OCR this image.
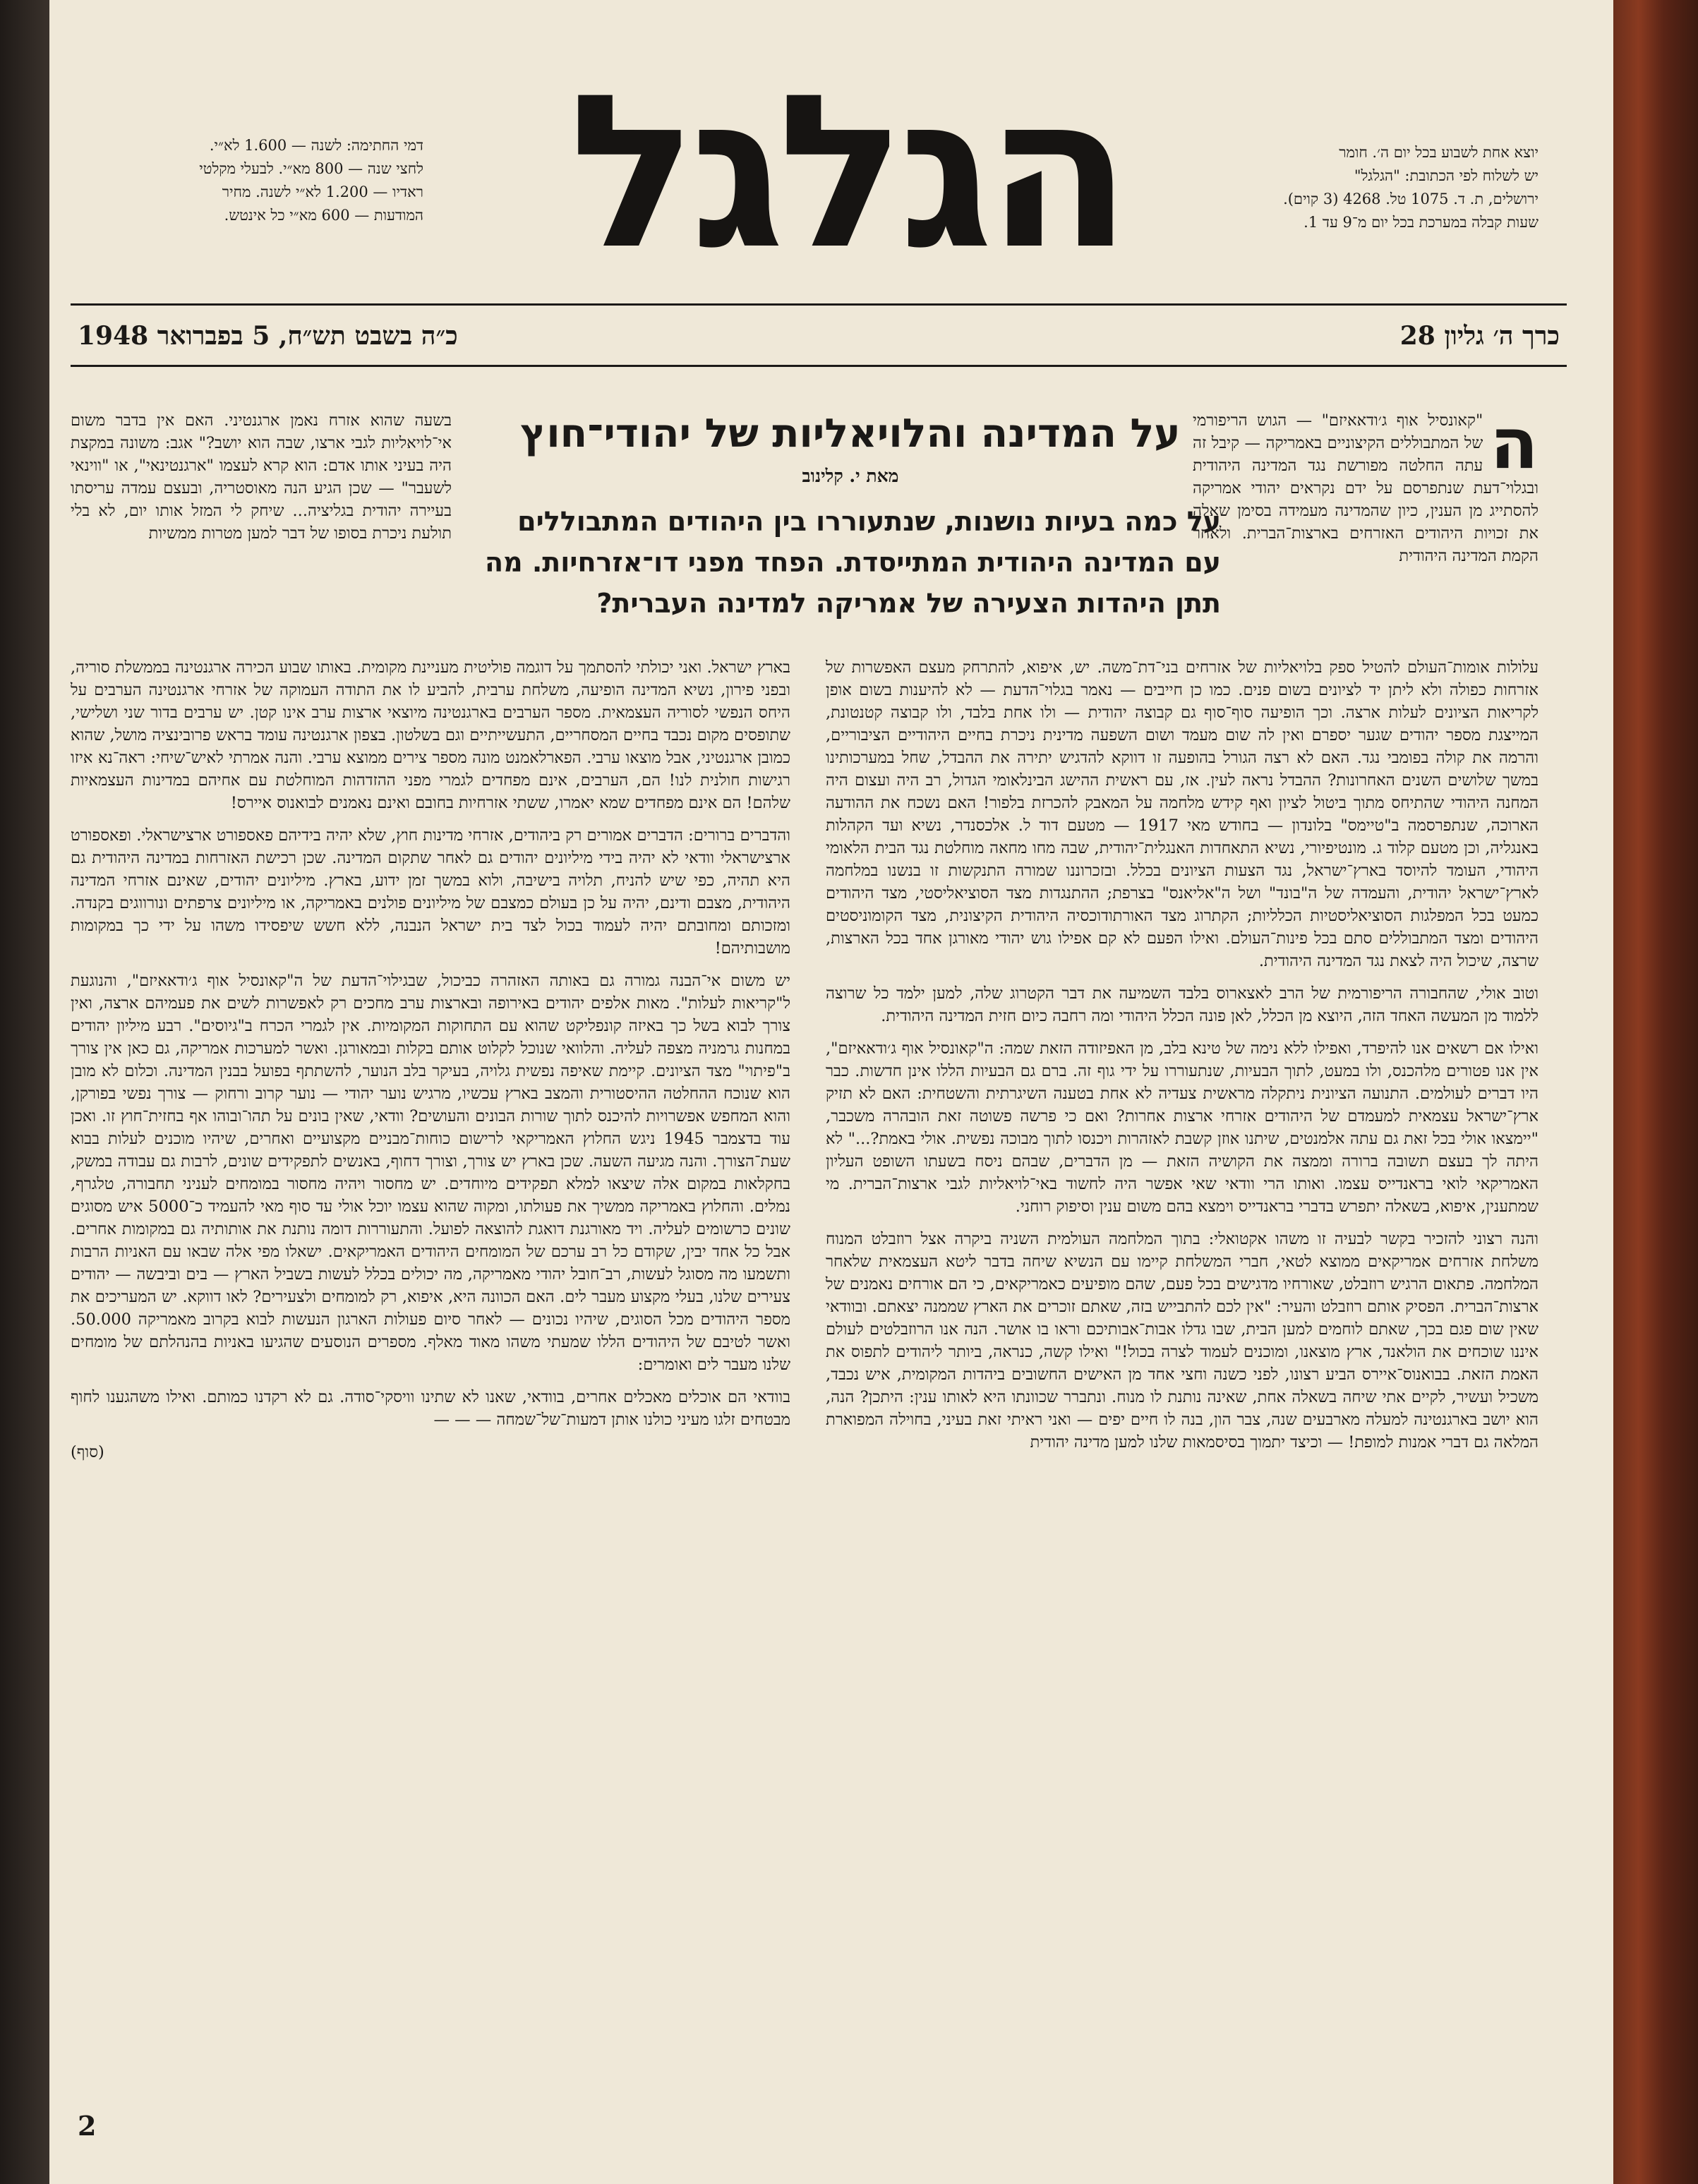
יוצא אחת לשבוע בכל יום ה׳. חומר
יש לשלוח לפי הכתובת: "הגלגל"
ירושלים, ת. ד. 1075 טל. 4268 (3 קוים).
שעות קבלה במערכת בכל יום מ־9 עד 1.
הגלגל
דמי החתימה: לשנה — 1.600 לא״י.
לחצי שנה — 800 מא״י. לבעלי מקלטי
ראדיו — 1.200 לא״י לשנה. מחיר
המודעות — 600 מא״י כל אינטש.
כרך ה׳ גליון 28
כ״ה בשבט תש״ח, 5 בפברואר 1948

ה
"קאונסיל אוף ג׳ודאאיזם" — הגוש הריפורמי של המתבוללים הקיצוניים באמריקה — קיבל זה עתה החלטה מפורשת נגד המדינה היהודית ובגלוי־דעת שנתפרסם על ידם נקראים יהודי אמריקה להסתייג מן הענין, כיון שהמדינה מעמידה בסימן שאלה את זכויות היהודים האזרחים בארצות־הברית. ולאחר הקמת המדינה היהודית

על המדינה והלויאליות של יהודי־חוץ
מאת י. קלינוב
על כמה בעיות נושנות, שנתעוררו בין היהודים המתבוללים עם המדינה היהודית המתייסדת. הפחד מפני דו־אזרחיות. מה תתן היהדות הצעירה של אמריקה למדינה העברית?

בשעה שהוא אזרח נאמן ארגנטיני. האם אין בדבר משום אי־לויאליות לגבי ארצו, שבה הוא יושב?" אגב: משונה במקצת היה בעיני אותו אדם: הוא קרא לעצמו "ארגנטינאי", או "ווינאי לשעבר" — שכן הגיע הנה מאוסטריה, ובעצם עמדה עריסתו בעיירה יהודית בגליציה... שיחק לי המזל אותו יום, לא בלי תולעת ניכרת בסופו של דבר למען מטרות ממשיות

עלולות אומות־העולם להטיל ספק בלויאליות של אזרחים בני־דת־משה. יש, איפוא, להתרחק מעצם האפשרות של אזרחות כפולה ולא ליתן יד לציונים בשום פנים. כמו כן חייבים — נאמר בגלוי־הדעת — לא להיענות בשום אופן לקריאות הציונים לעלות ארצה. וכך הופיעה סוף־סוף גם קבוצה יהודית — ולו אחת בלבד, ולו קבוצה קטנטונת, המייצגת מספר יהודים שגער יספרם ואין לה שום מעמד ושום השפעה מדינית ניכרת בחיים היהודיים הציבוריים, והרמה את קולה בפומבי נגד. האם לא רצה הגורל בהופעה זו דווקא להדגיש יתירה את ההבדל, שחל במערכותינו במשך שלושים השנים האחרונות? ההבדל נראה לעין. אז, עם ראשית ההישג הבינלאומי הגדול, רב היה ועצום היה המחנה היהודי שהתיחס מתוך ביטול לציון ואף קידש מלחמה על המאבק להכרזת בלפור! האם נשכח את ההודעה הארוכה, שנתפרסמה ב"טיימס" בלונדון — בחודש מאי 1917 — מטעם דוד ל. אלכסנדר, נשיא ועד הקהלות באנגליה, וכן מטעם קלוד ג. מונטיפיורי, נשיא התאחדות האנגלית־יהודית, שבה מחו מחאה מוחלטת נגד הבית הלאומי היהודי, העומד להיוסד בארץ־ישראל, נגד הצעות הציונים בכלל. ובזכרוננו שמורה התנקשות זו בנשנו במלחמה לארץ־ישראל יהודית, והעמדה של ה"בונד" ושל ה"אליאנס" בצרפת; ההתנגדות מצד הסוציאליסטי, מצד היהודים כמעט בכל המפלגות הסוציאליסטיות הכלליות; הקתרוג מצד האורתודוכסיה היהודית הקיצונית, מצד הקומוניסטים היהודים ומצד המתבוללים סתם בכל פינות־העולם. ואילו הפעם לא קם אפילו גוש יהודי מאורגן אחד בכל הארצות, שרצה, שיכול היה לצאת נגד המדינה היהודית.

וטוב אולי, שהחבורה הריפורמית של הרב לאצארוס בלבד השמיעה את דבר הקטרוג שלה, למען ילמד כל שרוצה ללמוד מן המעשה האחד הזה, היוצא מן הכלל, לאן פונה הכלל היהודי ומה רחבה כיום חזית המדינה היהודית.

ואילו אם רשאים אנו להיפרד, ואפילו ללא נימה של טינא בלב, מן האפיזודה הזאת שמה: ה"קאונסיל אוף ג׳ודאאיזם", אין אנו פטורים מלהכנס, ולו במעט, לתוך הבעיות, שנתעוררו על ידי גוף זה. ברם גם הבעיות הללו אינן חדשות. כבר היו דברים לעולמים. התנועה הציונית ניתקלה מראשית צעדיה לא אחת בטענה השיגרתית והשטחית: האם לא תזיק ארץ־ישראל עצמאית למעמדם של היהודים אזרחי ארצות אחרות? ואם כי פרשה פשוטה זאת הובהרה משכבר, "יימצאו אולי בכל זאת גם עתה אלמנטים, שיתנו אוזן קשבת לאזהרות ויכנסו לתוך מבוכה נפשית. אולי באמת?..." לא היתה לך בעצם תשובה ברורה וממצה את הקושיה הזאת — מן הדברים, שבהם ניסח בשעתו השופט העליון האמריקאי לואי בראנדייס עצמו. ואותו הרי וודאי שאי אפשר היה לחשוד באי־לויאליות לגבי ארצות־הברית. מי שמתענין, איפוא, בשאלה יתפרש בדברי בראנדייס וימצא בהם משום ענין וסיפוק רוחני.

והנה רצוני להזכיר בקשר לבעיה זו משהו אקטואלי: בתוך המלחמה העולמית השניה ביקרה אצל רוזבלט המנוח משלחת אזרחים אמריקאים ממוצא לטאי, חברי המשלחת קיימו עם הנשיא שיחה בדבר ליטא העצמאית שלאחר המלחמה. פתאום הרגיש רוזבלט, שאורחיו מדגישים בכל פעם, שהם מופיעים כאמריקאים, כי הם אורחים נאמנים של ארצות־הברית. הפסיק אותם רוזבלט והעיר: "אין לכם להתבייש בזה, שאתם זוכרים את הארץ שממנה יצאתם. ובוודאי שאין שום פגם בכך, שאתם לוחמים למען הבית, שבו גדלו אבות־אבותיכם וראו בו אושר. הנה אנו הרוזבלטים לעולם איננו שוכחים את הולאנד, ארץ מוצאנו, ומוכנים לעמוד לצרה בכול!" ואילו קשה, כנראה, ביותר ליהודים לתפוס את האמת הזאת. בבואנוס־איירס הביע רצונו, לפני כשנה וחצי אחד מן האישים החשובים ביהדות המקומית, איש נכבד, משכיל ועשיר, לקיים אתי שיחה בשאלה אחת, שאינה נותנת לו מנוח. ונתברר שכוונתו היא לאותו ענין: היתכן? הנה, הוא יושב בארגנטינה למעלה מארבעים שנה, צבר הון, בנה לו חיים יפים — ואני ראיתי זאת בעיני, בחוילה המפוארת המלאה גם דברי אמנות למופת! — וכיצד יתמוך בסיסמאות שלנו למען מדינה יהודית

בארץ ישראל. ואני יכולתי להסתמך על דוגמה פוליטית מעניינת מקומית. באותו שבוע הכירה ארגנטינה בממשלת סוריה, ובפני פירון, נשיא המדינה הופיעה, משלחת ערבית, להביע לו את התודה העמוקה של אזרחי ארגנטינה הערבים על היחס הנפשי לסוריה העצמאית. מספר הערבים בארגנטינה מיוצאי ארצות ערב אינו קטן. יש ערבים בדור שני ושלישי, שתופסים מקום נכבד בחיים המסחריים, התעשייתיים וגם בשלטון. בצפון ארגנטינה עומד בראש פרובינציה מושל, שהוא כמובן ארגנטיני, אבל מוצאו ערבי. הפארלאמנט מונה מספר צירים ממוצא ערבי. והנה אמרתי לאיש־שיחי: ראה־נא איזו רגישות חולנית לנו! הם, הערבים, אינם מפחדים לגמרי מפני ההזדהות המוחלטת עם אחיהם במדינות העצמאיות שלהם! הם אינם מפחדים שמא יאמרו, ששתי אזרחיות בחובם ואינם נאמנים לבואנוס איירס!

והדברים ברורים: הדברים אמורים רק ביהודים, אזרחי מדינות חוץ, שלא יהיה בידיהם פאספורט ארצישראלי. ופאספורט ארצישראלי וודאי לא יהיה בידי מיליונים יהודים גם לאחר שתקום המדינה. שכן רכישת האזרחות במדינה היהודית גם היא תהיה, כפי שיש להניח, תלויה בישיבה, ולוא במשך זמן ידוע, בארץ. מיליונים יהודים, שאינם אזרחי המדינה היהודית, מצבם ודינם, יהיה על כן בעולם כמצבם של מיליונים פולנים באמריקה, או מיליונים צרפתים ונורווגים בקנדה. ומזכותם ומחובתם יהיה לעמוד בכול לצד בית ישראל הנבנה, ללא חשש שיפסידו משהו על ידי כך במקומות מושבותיהם!

יש משום אי־הבנה גמורה גם באותה האזהרה כביכול, שבגילוי־הדעת של ה"קאונסיל אוף ג׳ודאאיזם", והנוגעת ל"קריאות לעלות". מאות אלפים יהודים באירופה ובארצות ערב מחכים רק לאפשרות לשים את פעמיהם ארצה, ואין צורך לבוא בשל כך באיזה קונפליקט שהוא עם התחוקות המקומיות. אין לגמרי הכרח ב"גיוסים". רבע מיליון יהודים במחנות גרמניה מצפה לעליה. והלוואי שנוכל לקלוט אותם בקלות ובמאורגן. ואשר למערכות אמריקה, גם כאן אין צורך ב"פיתוי" מצד הציונים. קיימת שאיפה נפשית גלויה, בעיקר בלב הנוער, להשתתף בפועל בבנין המדינה. וכלום לא מובן הוא שנוכח ההחלטה ההיסטורית והמצב בארץ עכשיו, מרגיש נוער יהודי — נוער קרוב ורחוק — צורך נפשי בפורקן, והוא המחפש אפשרויות להיכנס לתוך שורות הבונים והעושים? וודאי, שאין בונים על תהו־ובוהו אף בחזית־חוץ זו. ואכן עוד בדצמבר 1945 ניגש החלוץ האמריקאי לרישום כוחות־מבניים מקצועיים ואחרים, שיהיו מוכנים לעלות בבוא שעת־הצורך. והנה מגיעה השעה. שכן בארץ יש צורך, וצורך דחוף, באנשים לתפקידים שונים, לרבות גם עבודה במשק, בחקלאות במקום אלה שיצאו למלא תפקידים מיוחדים. יש מחסור ויהיה מחסור במומחים לעניני תחבורה, טלגרף, נמלים. והחלוץ באמריקה ממשיך את פעולתו, ומקוה שהוא עצמו יוכל אולי עד סוף מאי להעמיד כ־5000 איש מסוגים שונים כרשומים לעליה. ויד מאורגנת דואגת להוצאה לפועל. והתעוררות דומה נותנת את אותותיה גם במקומות אחרים. אבל כל אחד יבין, שקודם כל רב ערכם של המומחים היהודים האמריקאים. ישאלו מפי אלה שבאו עם האניות הרבות ותשמעו מה מסוגל לעשות, רב־חובל יהודי מאמריקה, מה יכולים בכלל לעשות בשביל הארץ — בים וביבשה — יהודים צעירים שלנו, בעלי מקצוע מעבר לים. האם הכוונה היא, איפוא, רק למומחים ולצעירים? לאו דווקא. יש המעריכים את מספר היהודים מכל הסוגים, שיהיו נכונים — לאחר סיום פעולות הארגון הנעשות לבוא בקרוב מאמריקה 50.000. ואשר לטיבם של היהודים הללו שמעתי משהו מאוד מאלף. מספרים הנוסעים שהגיעו באניות בהנהלתם של מומחים שלנו מעבר לים ואומרים:

בוודאי הם אוכלים מאכלים אחרים, בוודאי, שאנו לא שתינו וויסקי־סודה. גם לא רקדנו כמותם. ואילו משהגענו לחוף מבטחים זלגו מעיני כולנו אותן דמעות־של־שמחה — — —

(סוף)
2
